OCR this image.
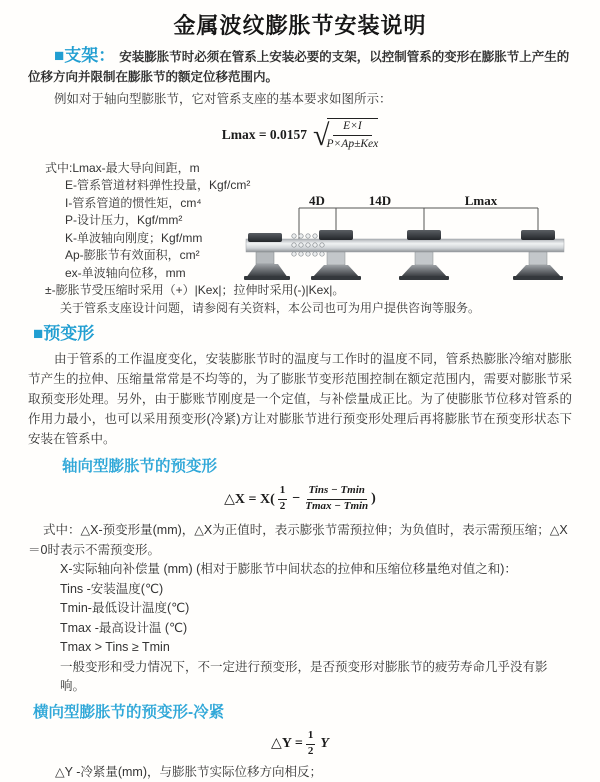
金属波纹膨胀节安装说明

■支架： 安装膨胀节时必须在管系上安装必要的支架，以控制管系的变形在膨胀节上产生的位移方向并限制在膨胀节的额定位移范围内。

例如对于轴向型膨胀节，它对管系支座的基本要求如图所示：

Lmax = 0.0157 √
$\frac{E\times I}{\text{P×Ap±Kex}}$
式中:Lmax-最大导向间距，m
E-管系管道材料弹性投量，Kgf/cm²
I-管系管道的惯性矩，cm⁴
P-设计压力，Kgf/mm²
K-单波轴向刚度；Kgf/mm
Ap-膨胀节有效面积，cm²
ex-单波轴向位移，mm
±-膨胀节受压缩时采用（+）|Kex|；拉伸时采用(-)|Kex|。
关于管系支座设计问题，请参阅有关资料，本公司也可为用户提供咨询等服务。
4D	14D	Lmax
■预变形

由于管系的工作温度变化，安装膨胀节时的温度与工作时的温度不同，管系热膨胀冷缩对膨胀节产生的拉伸、压缩量常常是不均等的，为了膨胀节变形范围控制在额定范围内，需要对膨胀节采取预变形处理。另外，由于膨账节刚度是一个定值，与补偿量成正比。为了使膨胀节位移对管系的作用力最小，也可以采用预变形(冷紧)方让对膨胀节进行预变形处理后再将膨胀节在预变形状态下安装在管系中。

轴向型膨胀节的预变形
△X = $X( \frac{1}{2} - \frac{\text{Tins − Tmin}}{Tmax - Tmin}$ )

式中：△X-预变形量(mm)，△X为正值时，表示膨张节需预拉伸；为负值时，表示需预压缩；△X＝0时表示不需预变形。

X-实际轴向补偿量 (mm) (相对于膨胀节中间状态的拉伸和压缩位移量绝对值之和)：
Tins -安装温度(℃)
Tmin-最低设计温度(℃)
Tmax -最高设计温 (℃)
Tmax > Tins ≥ Tmin
一般变形和受力情况下，不一定进行预变形，是否预变形对膨胀节的疲劳寿命几乎没有影响。
横向型膨胀节的预变形-冷紧
△Y = $\frac{1}{2}$ Y

△Y -冷紧量(mm)，与膨胀节实际位移方向相反；
